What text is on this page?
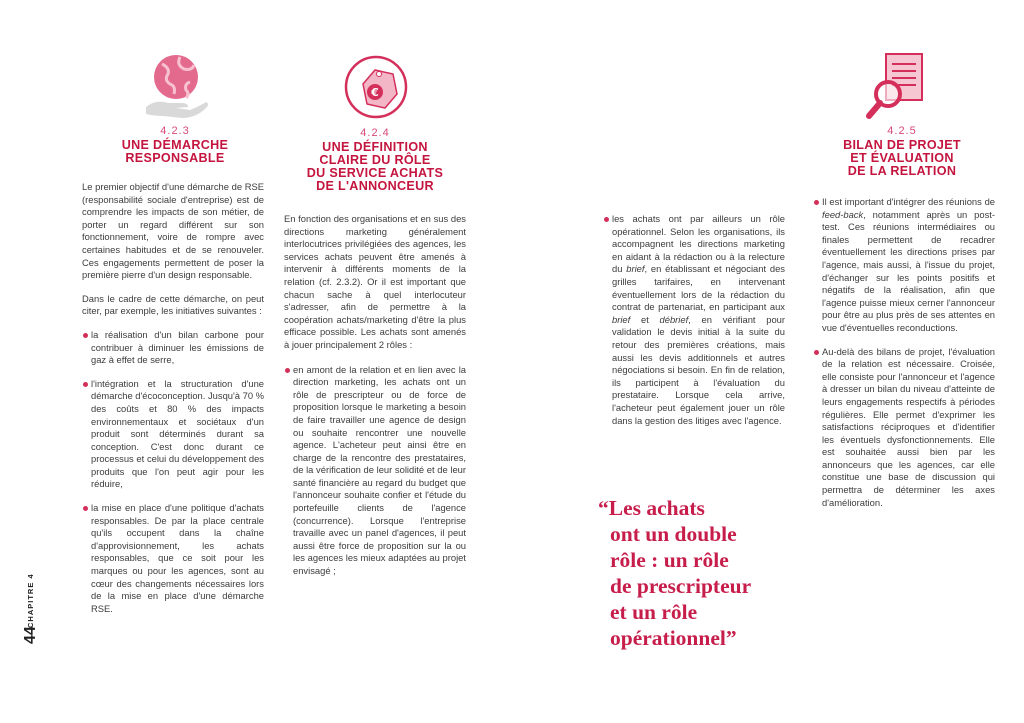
€
4.2.3
UNE DÉMARCHE
RESPONSABLE
4.2.4
UNE DÉFINITION
CLAIRE DU RÔLE
DU SERVICE ACHATS
DE L'ANNONCEUR
4.2.5
BILAN DE PROJET
ET ÉVALUATION
DE LA RELATION

Le premier objectif d'une démarche de RSE (responsabilité sociale d'entreprise) est de comprendre les impacts de son métier, de porter un regard différent sur son fonctionnement, voire de rompre avec certaines habitudes et de se renouveler. Ces engagements permettent de poser la première pierre d'un design responsable.

Dans le cadre de cette démarche, on peut citer, par exemple, les initiatives suivantes :

la réalisation d'un bilan carbone pour contribuer à diminuer les émissions de gaz à effet de serre,
l'intégration et la structuration d'une démarche d'écoconception. Jusqu'à 70 % des coûts et 80 % des impacts environnementaux et sociétaux d'un produit sont déterminés durant sa conception. C'est donc durant ce processus et celui du développement des produits que l'on peut agir pour les réduire,
la mise en place d'une politique d'achats responsables. De par la place centrale qu'ils occupent dans la chaîne d'approvisionnement, les achats responsables, que ce soit pour les marques ou pour les agences, sont au cœur des changements nécessaires lors de la mise en place d'une démarche RSE.

En fonction des organisations et en sus des directions marketing généralement interlocutrices privilégiées des agences, les services achats peuvent être amenés à intervenir à différents moments de la relation (cf. 2.3.2). Or il est important que chacun sache à quel interlocuteur s'adresser, afin de permettre à la coopération achats/marketing d'être la plus efficace possible. Les achats sont amenés à jouer principalement 2 rôles :

en amont de la relation et en lien avec la direction marketing, les achats ont un rôle de prescripteur ou de force de proposition lorsque le marketing a besoin de faire travailler une agence de design ou souhaite rencontrer une nouvelle agence. L'acheteur peut ainsi être en charge de la rencontre des prestataires, de la vérification de leur solidité et de leur santé financière au regard du budget que l'annonceur souhaite confier et l'étude du portefeuille clients de l'agence (concurrence). Lorsque l'entreprise travaille avec un panel d'agences, il peut aussi être force de proposition sur la ou les agences les mieux adaptées au projet envisagé ;
les achats ont par ailleurs un rôle opérationnel. Selon les organisations, ils accompagnent les directions marketing en aidant à la rédaction ou à la relecture du brief, en établissant et négociant des grilles tarifaires, en intervenant éventuellement lors de la rédaction du contrat de partenariat, en participant aux brief et débrief, en vérifiant pour validation le devis initial à la suite du retour des premières créations, mais aussi les devis additionnels et autres négociations si besoin. En fin de relation, ils participent à l'évaluation du prestataire. Lorsque cela arrive, l'acheteur peut également jouer un rôle dans la gestion des litiges avec l'agence.
“Les achats
ont un double
rôle : un rôle
de prescripteur
et un rôle
opérationnel”
Il est important d'intégrer des réunions de feed-back, notamment après un post-test. Ces réunions intermédiaires ou finales permettent de recadrer éventuellement les directions prises par l'agence, mais aussi, à l'issue du projet, d'échanger sur les points positifs et négatifs de la réalisation, afin que l'agence puisse mieux cerner l'annonceur pour être au plus près de ses attentes en vue d'éventuelles reconductions.
Au-delà des bilans de projet, l'évaluation de la relation est nécessaire. Croisée, elle consiste pour l'annonceur et l'agence à dresser un bilan du niveau d'atteinte de leurs engagements respectifs à périodes régulières. Elle permet d'exprimer les satisfactions réciproques et d'identifier les éventuels dysfonctionnements. Elle est souhaitée aussi bien par les annonceurs que les agences, car elle constitue une base de discussion qui permettra de déterminer les axes d'amélioration.
44
CHAPITRE 4
